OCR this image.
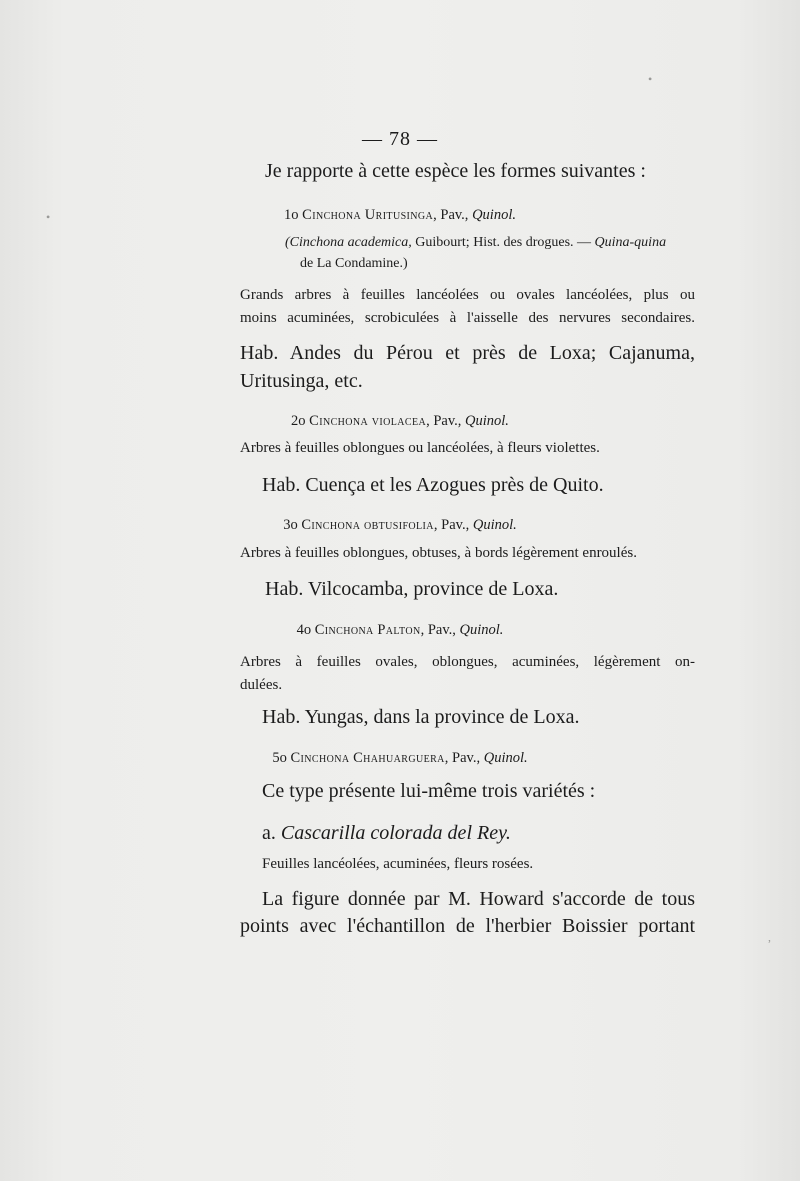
— 78 —

Je rapporte à cette espèce les formes suivantes :

1o Cinchona Uritusinga, Pav., Quinol.

(Cinchona academica, Guibourt; Hist. des drogues. — Quina-quina

de La Condamine.)

Grands arbres à feuilles lancéolées ou ovales lancéolées, plus ou

moins acuminées, scrobiculées à l'aisselle des nervures secondaires.

Hab. Andes du Pérou et près de Loxa; Cajanuma,

Uritusinga, etc.

2o Cinchona violacea, Pav., Quinol.

Arbres à feuilles oblongues ou lancéolées, à fleurs violettes.

Hab. Cuença et les Azogues près de Quito.

3o Cinchona obtusifolia, Pav., Quinol.

Arbres à feuilles oblongues, obtuses, à bords légèrement enroulés.

Hab. Vilcocamba, province de Loxa.

4o Cinchona Palton, Pav., Quinol.

Arbres à feuilles ovales, oblongues, acuminées, légèrement on-

dulées.

Hab. Yungas, dans la province de Loxa.

5o Cinchona Chahuarguera, Pav., Quinol.

Ce type présente lui-même trois variétés :

a. Cascarilla colorada del Rey.

Feuilles lancéolées, acuminées, fleurs rosées.

La figure donnée par M. Howard s'accorde de tous

points avec l'échantillon de l'herbier Boissier portant

•
•
,
